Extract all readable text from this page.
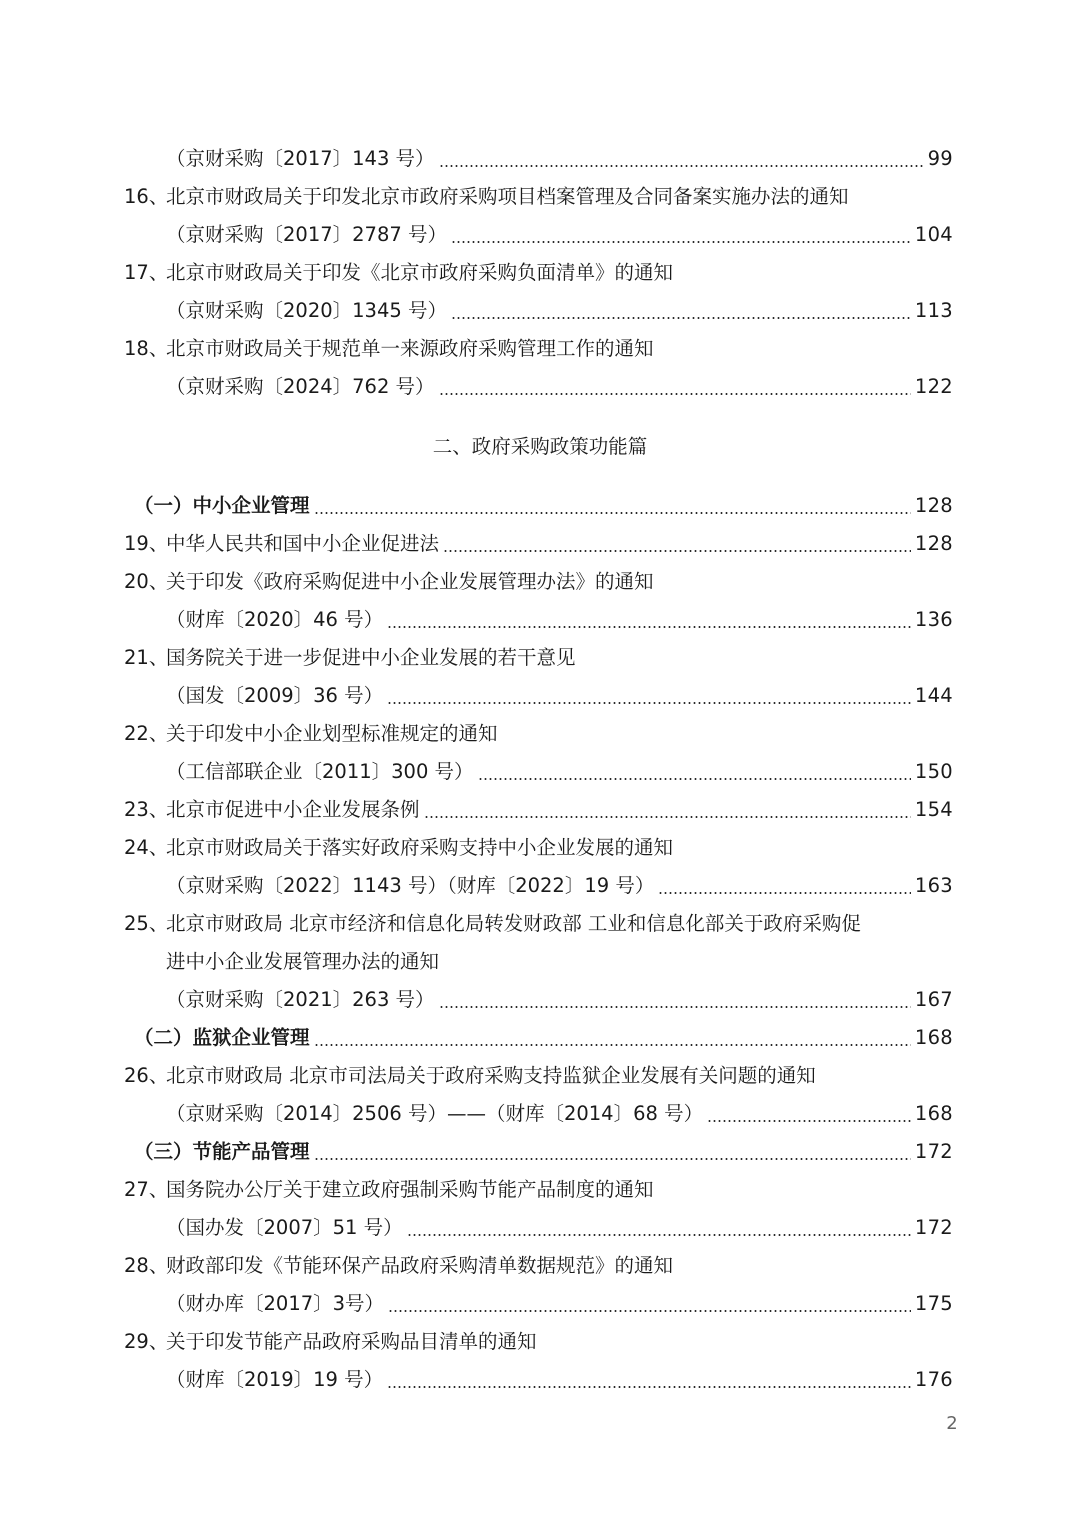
（京财采购〔2017〕143 号）	99
16、
北京市财政局关于印发北京市政府采购项目档案管理及合同备案实施办法的通知
（京财采购〔2017〕2787 号）	104
17、
北京市财政局关于印发《北京市政府采购负面清单》的通知
（京财采购〔2020〕1345 号）	113
18、
北京市财政局关于规范单一来源政府采购管理工作的通知
（京财采购〔2024〕762 号）	122
二、政府采购政策功能篇
（一）中小企业管理	128
19、
中华人民共和国中小企业促进法	128
20、
关于印发《政府采购促进中小企业发展管理办法》的通知
（财库〔2020〕46 号）	136
21、
国务院关于进一步促进中小企业发展的若干意见
（国发〔2009〕36 号）	144
22、
关于印发中小企业划型标准规定的通知
（工信部联企业〔2011〕300 号）	150
23、
北京市促进中小企业发展条例	154
24、
北京市财政局关于落实好政府采购支持中小企业发展的通知
（京财采购〔2022〕1143 号）（财库〔2022〕19 号）	163
25、
北京市财政局 北京市经济和信息化局转发财政部 工业和信息化部关于政府采购促
进中小企业发展管理办法的通知
（京财采购〔2021〕263 号）	167
（二）监狱企业管理	168
26、
北京市财政局 北京市司法局关于政府采购支持监狱企业发展有关问题的通知
（京财采购〔2014〕2506 号）——（财库〔2014〕68 号）	168
（三）节能产品管理	172
27、
国务院办公厅关于建立政府强制采购节能产品制度的通知
（国办发〔2007〕51 号）	172
28、
财政部印发《节能环保产品政府采购清单数据规范》的通知
（财办库〔2017〕3号）	175
29、
关于印发节能产品政府采购品目清单的通知
（财库〔2019〕19 号）	176
2
